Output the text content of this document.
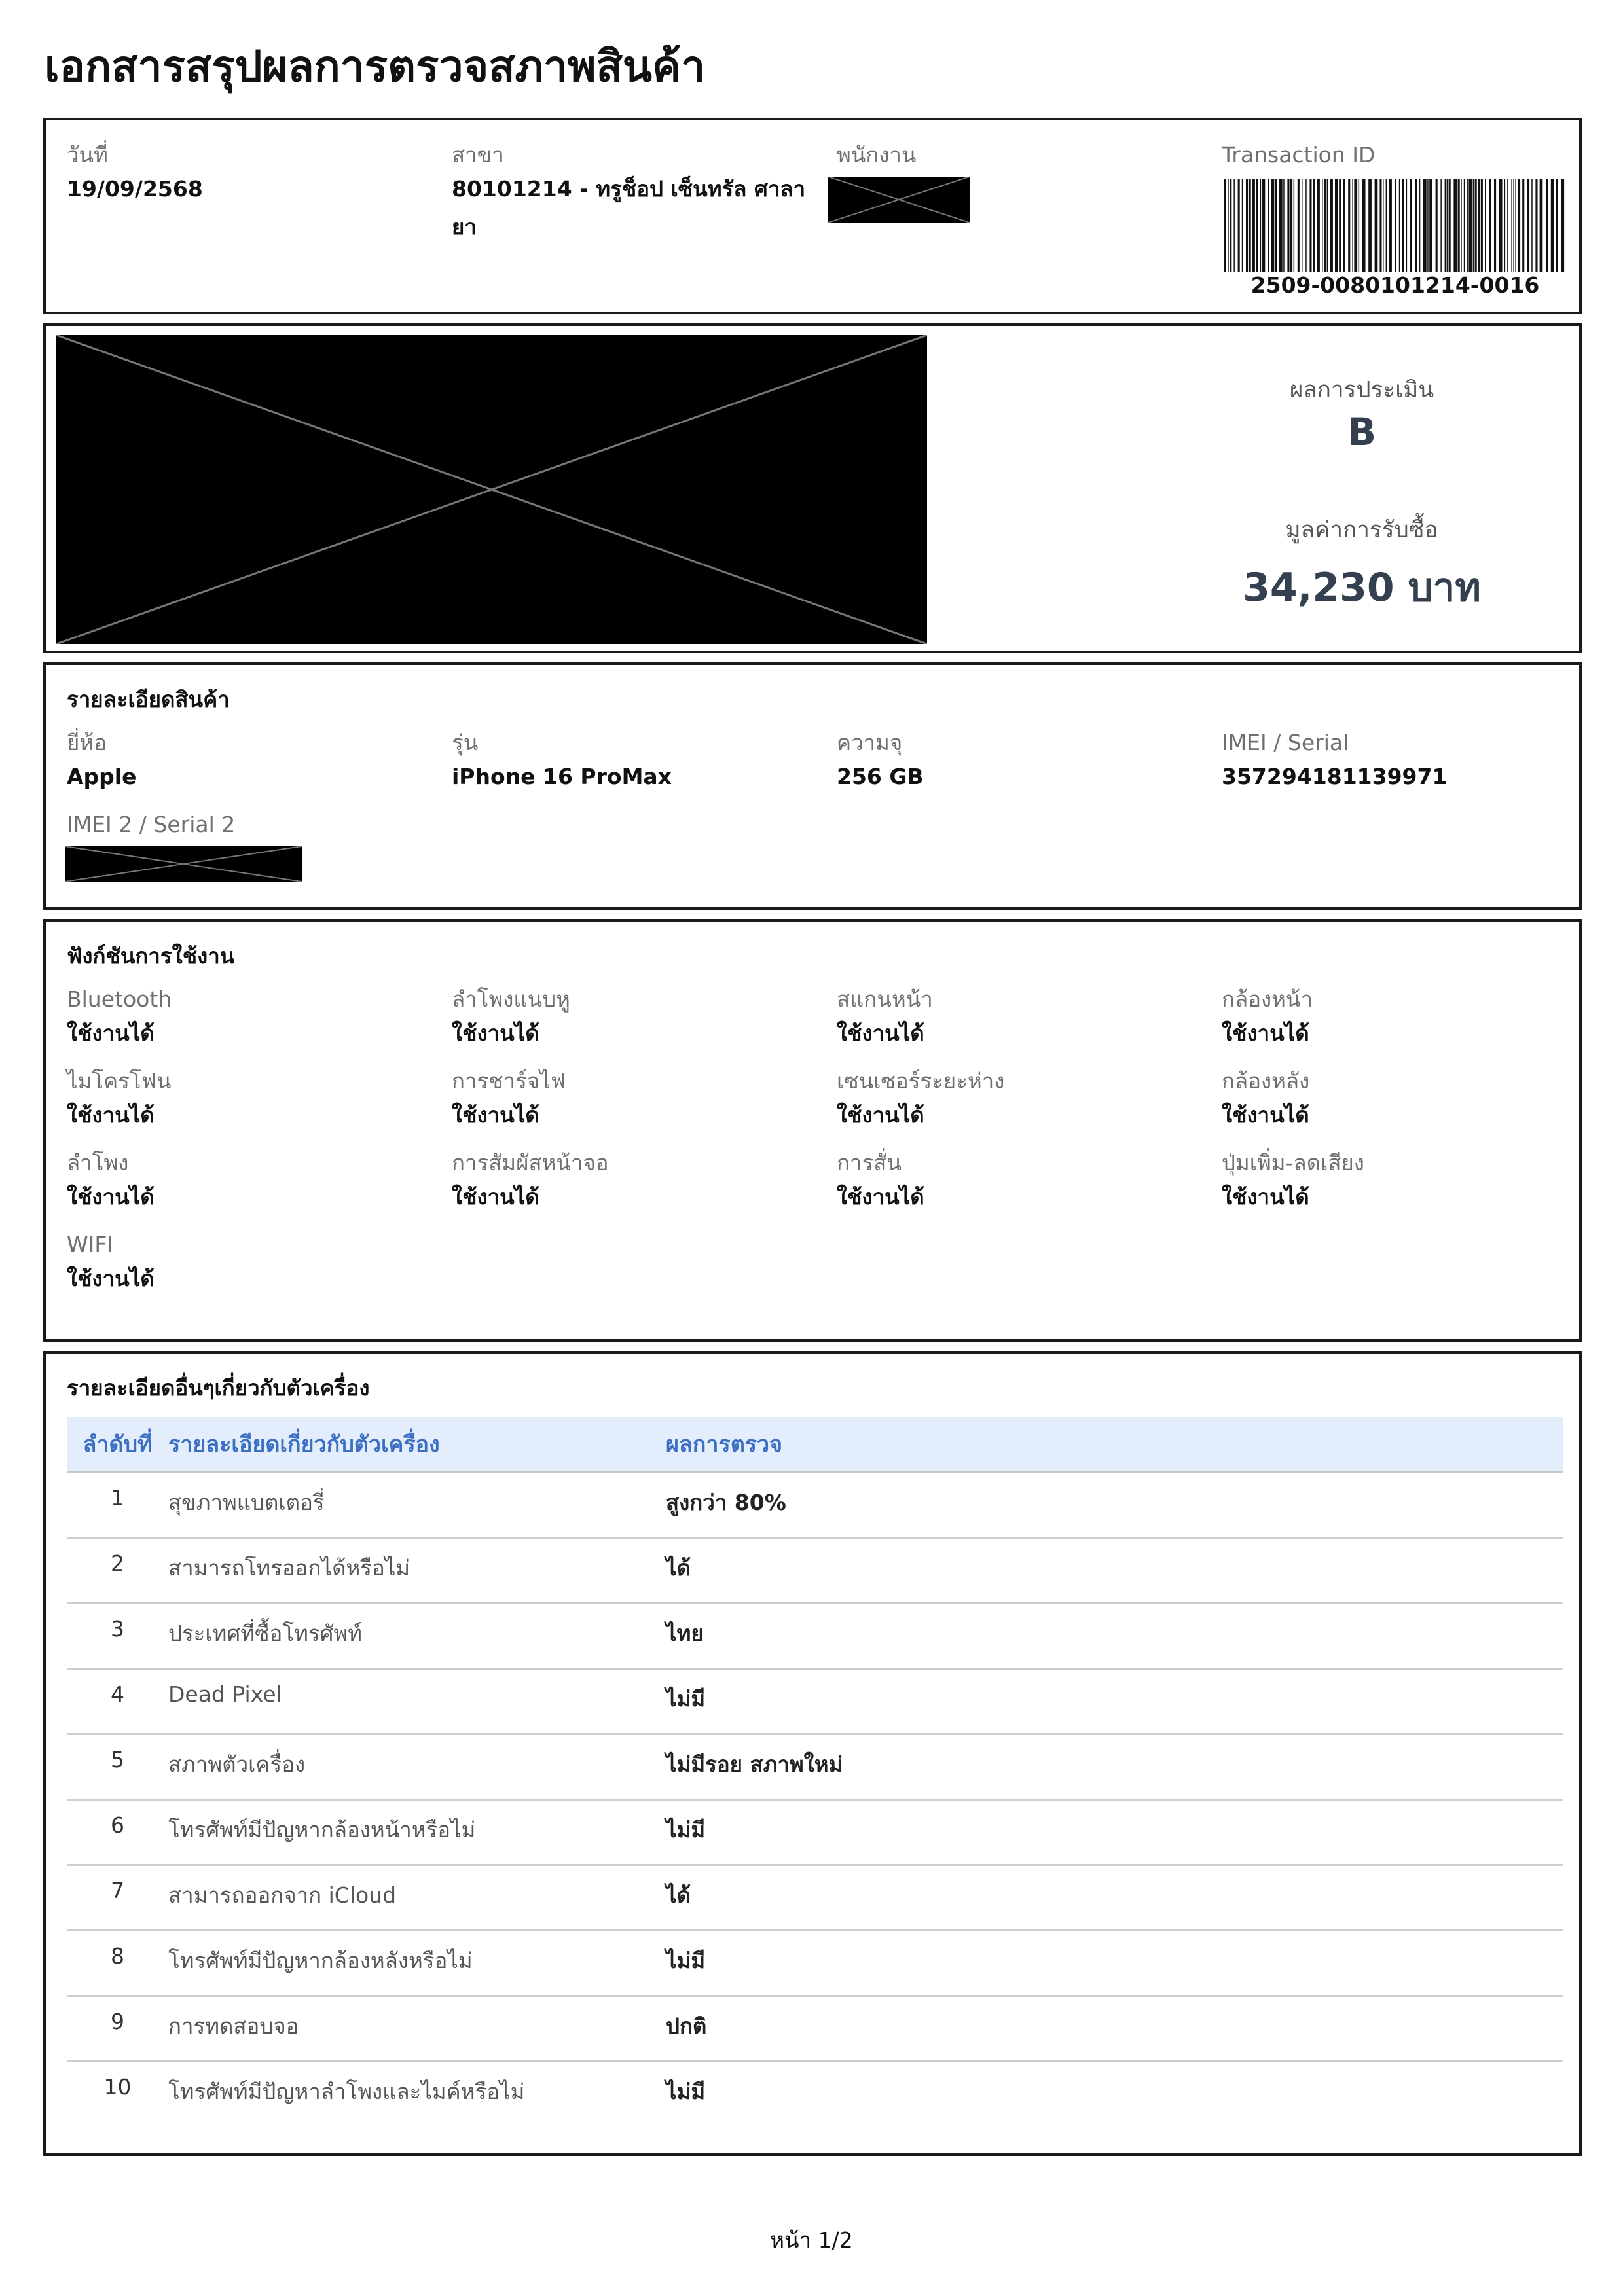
เอกสารสรุปผลการตรวจสภาพสินค้า
วันที่
19/09/2568
สาขา
80101214 - ทรูช็อป เซ็นทรัล ศาลายา
พนักงาน	Transaction ID
2509-0080101214-0016
ผลการประเมิน
B
มูลค่าการรับซื้อ
34,230 บาท
รายละเอียดสินค้า
ยี่ห้อ
Apple
รุ่น
iPhone 16 ProMax
ความจุ
256 GB
IMEI / Serial
357294181139971
IMEI 2 / Serial 2
ฟังก์ชันการใช้งาน
Bluetooth
ใช้งานได้
ลำโพงแนบหู
ใช้งานได้
สแกนหน้า
ใช้งานได้
กล้องหน้า
ใช้งานได้
ไมโครโฟน
ใช้งานได้
การชาร์จไฟ
ใช้งานได้
เซนเซอร์ระยะห่าง
ใช้งานได้
กล้องหลัง
ใช้งานได้
ลำโพง
ใช้งานได้
การสัมผัสหน้าจอ
ใช้งานได้
การสั่น
ใช้งานได้
ปุ่มเพิ่ม-ลดเสียง
ใช้งานได้
WIFI
ใช้งานได้
รายละเอียดอื่นๆเกี่ยวกับตัวเครื่อง
ลำดับที่	รายละเอียดเกี่ยวกับตัวเครื่อง	ผลการตรวจ
1	สุขภาพแบตเตอรี่	สูงกว่า 80%
2	สามารถโทรออกได้หรือไม่	ได้
3	ประเทศที่ซื้อโทรศัพท์	ไทย
4	Dead Pixel	ไม่มี
5	สภาพตัวเครื่อง	ไม่มีรอย สภาพใหม่
6	โทรศัพท์มีปัญหากล้องหน้าหรือไม่	ไม่มี
7	สามารถออกจาก iCloud	ได้
8	โทรศัพท์มีปัญหากล้องหลังหรือไม่	ไม่มี
9	การทดสอบจอ	ปกติ
10	โทรศัพท์มีปัญหาลำโพงและไมค์หรือไม่	ไม่มี
หน้า 1/2
